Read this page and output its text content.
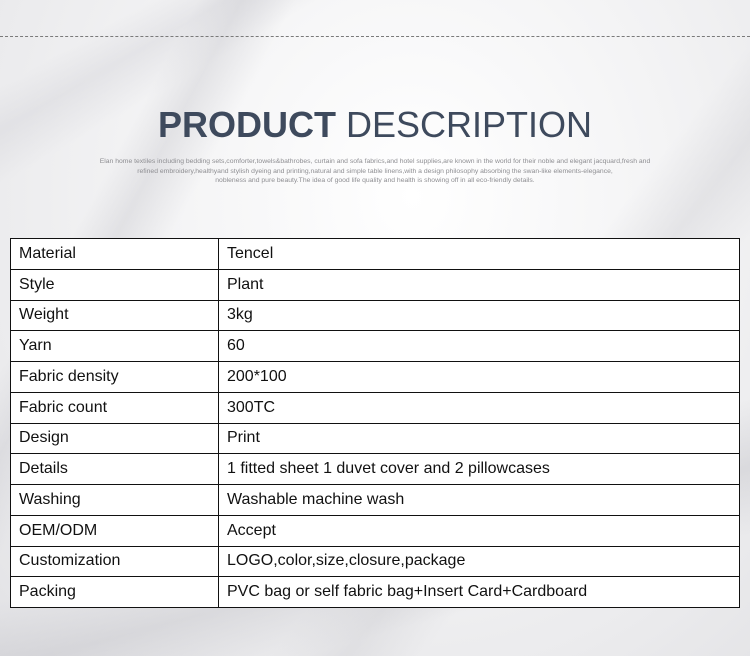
PRODUCT DESCRIPTION
Elan home textiles including bedding sets,comforter,towels&bathrobes, curtain and sofa fabrics,and hotel supplies,are known in the world for their noble and elegant jacquard,fresh and
refined embroidery,healthyand stylish dyeing and printing,natural and simple table linens,with a design philosophy absorbing the swan-like elements-elegance,
nobleness and pure beauty.The idea of good life quality and health is showing off in all eco-friendly details.
Material	Tencel
Style	Plant
Weight	3kg
Yarn	60
Fabric density	200*100
Fabric count	300TC
Design	Print
Details	1 fitted sheet 1 duvet cover and 2 pillowcases
Washing	Washable machine wash
OEM/ODM	Accept
Customization	LOGO,color,size,closure,package
Packing	PVC bag or self fabric bag+Insert Card+Cardboard
